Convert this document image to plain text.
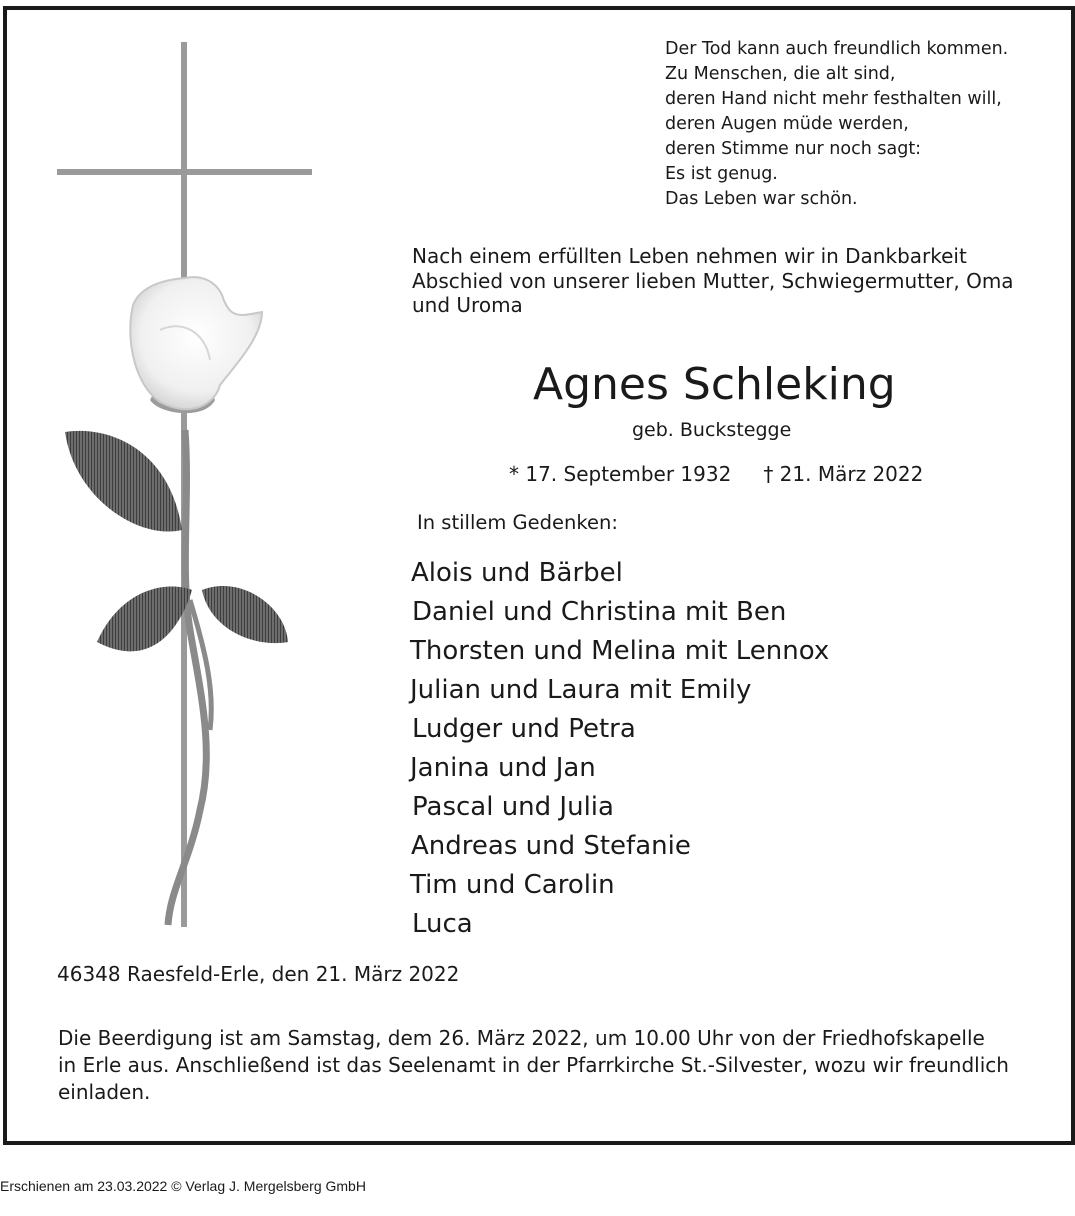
Der Tod kann auch freundlich kommen.
Zu Menschen, die alt sind,
deren Hand nicht mehr festhalten will,
deren Augen müde werden,
deren Stimme nur noch sagt:
Es ist genug.
Das Leben war schön.
Nach einem erfüllten Leben nehmen wir in Dankbarkeit
Abschied von unserer lieben Mutter, Schwiegermutter, Oma
und Uroma
Agnes Schleking
geb. Buckstegge
* 17. September 1932 † 21. März 2022
In stillem Gedenken:
Alois und Bärbel
Daniel und Christina mit Ben
Thorsten und Melina mit Lennox
Julian und Laura mit Emily
Ludger und Petra
Janina und Jan
Pascal und Julia
Andreas und Stefanie
Tim und Carolin
Luca
46348 Raesfeld-Erle, den 21. März 2022
Die Beerdigung ist am Samstag, dem 26. März 2022, um 10.00 Uhr von der Friedhofskapelle
in Erle aus. Anschließend ist das Seelenamt in der Pfarrkirche St.-Silvester, wozu wir freundlich
einladen.
Erschienen am 23.03.2022 © Verlag J. Mergelsberg GmbH
